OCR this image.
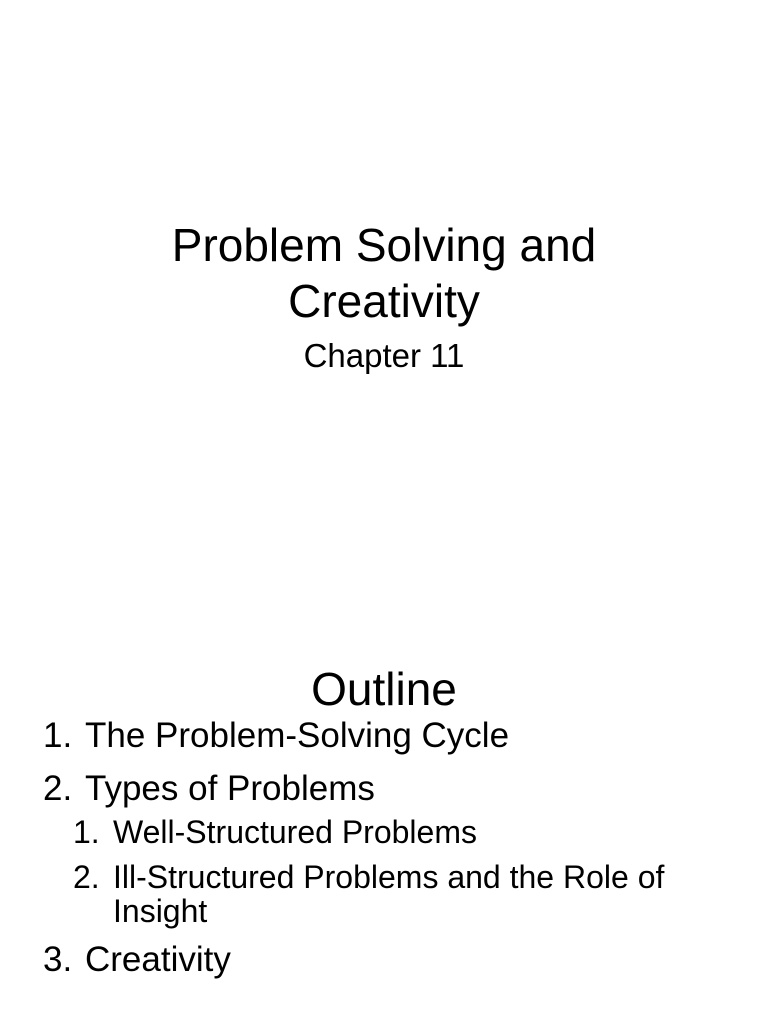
Problem Solving and Creativity
Chapter 11
Outline
1. The Problem-Solving Cycle
2. Types of Problems
1. Well-Structured Problems
2. Ill-Structured Problems and the Role of Insight
3. Creativity
